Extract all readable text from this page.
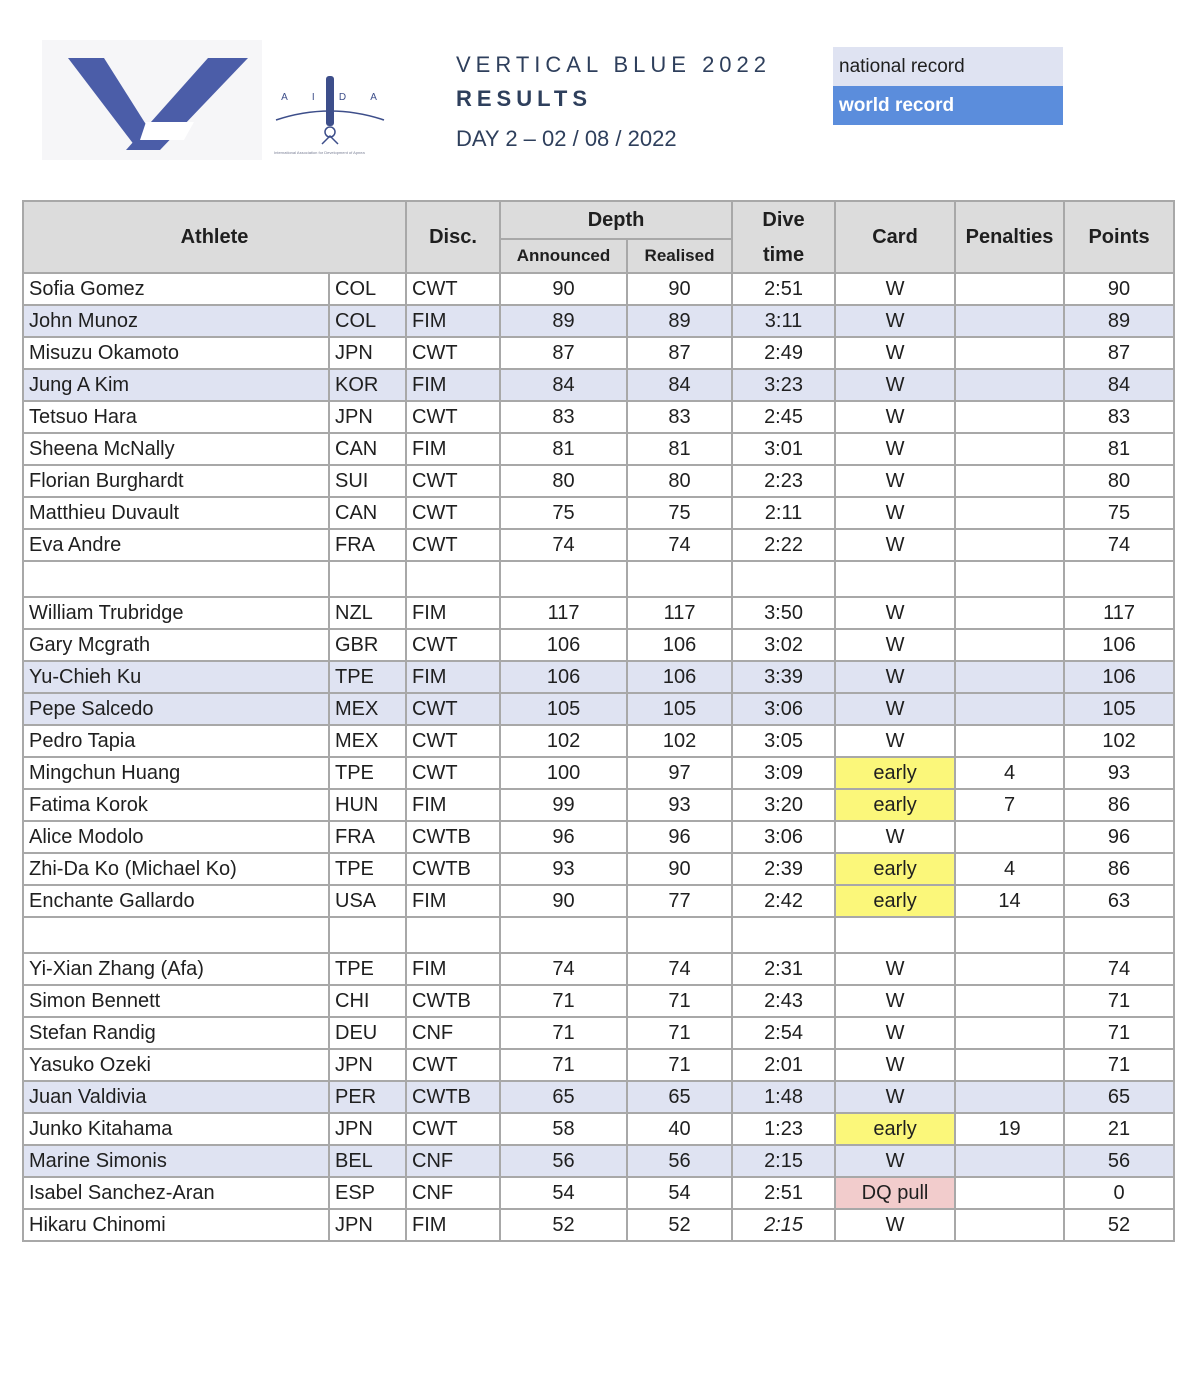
A I D A
International Association for Development of Apnea
VERTICAL BLUE 2022
RESULTS
DAY 2 – 02 / 08 / 2022
national record
world record
Athlete		Disc.	Depth		Dive	Card	Penalties	Points
			Announced	Realised	time			
Sofia Gomez	COL	CWT	90	90	2:51	W		90
John Munoz	COL	FIM	89	89	3:11	W		89
Misuzu Okamoto	JPN	CWT	87	87	2:49	W		87
Jung A Kim	KOR	FIM	84	84	3:23	W		84
Tetsuo Hara	JPN	CWT	83	83	2:45	W		83
Sheena McNally	CAN	FIM	81	81	3:01	W		81
Florian Burghardt	SUI	CWT	80	80	2:23	W		80
Matthieu Duvault	CAN	CWT	75	75	2:11	W		75
Eva Andre	FRA	CWT	74	74	2:22	W		74

William Trubridge	NZL	FIM	117	117	3:50	W		117
Gary Mcgrath	GBR	CWT	106	106	3:02	W		106
Yu-Chieh Ku	TPE	FIM	106	106	3:39	W		106
Pepe Salcedo	MEX	CWT	105	105	3:06	W		105
Pedro Tapia	MEX	CWT	102	102	3:05	W		102
Mingchun Huang	TPE	CWT	100	97	3:09	early	4	93
Fatima Korok	HUN	FIM	99	93	3:20	early	7	86
Alice Modolo	FRA	CWTB	96	96	3:06	W		96
Zhi-Da Ko (Michael Ko)	TPE	CWTB	93	90	2:39	early	4	86
Enchante Gallardo	USA	FIM	90	77	2:42	early	14	63

Yi-Xian Zhang (Afa)	TPE	FIM	74	74	2:31	W		74
Simon Bennett	CHI	CWTB	71	71	2:43	W		71
Stefan Randig	DEU	CNF	71	71	2:54	W		71
Yasuko Ozeki	JPN	CWT	71	71	2:01	W		71
Juan Valdivia	PER	CWTB	65	65	1:48	W		65
Junko Kitahama	JPN	CWT	58	40	1:23	early	19	21
Marine Simonis	BEL	CNF	56	56	2:15	W		56
Isabel Sanchez-Aran	ESP	CNF	54	54	2:51	DQ pull		0
Hikaru Chinomi	JPN	FIM	52	52	2:15	W		52
